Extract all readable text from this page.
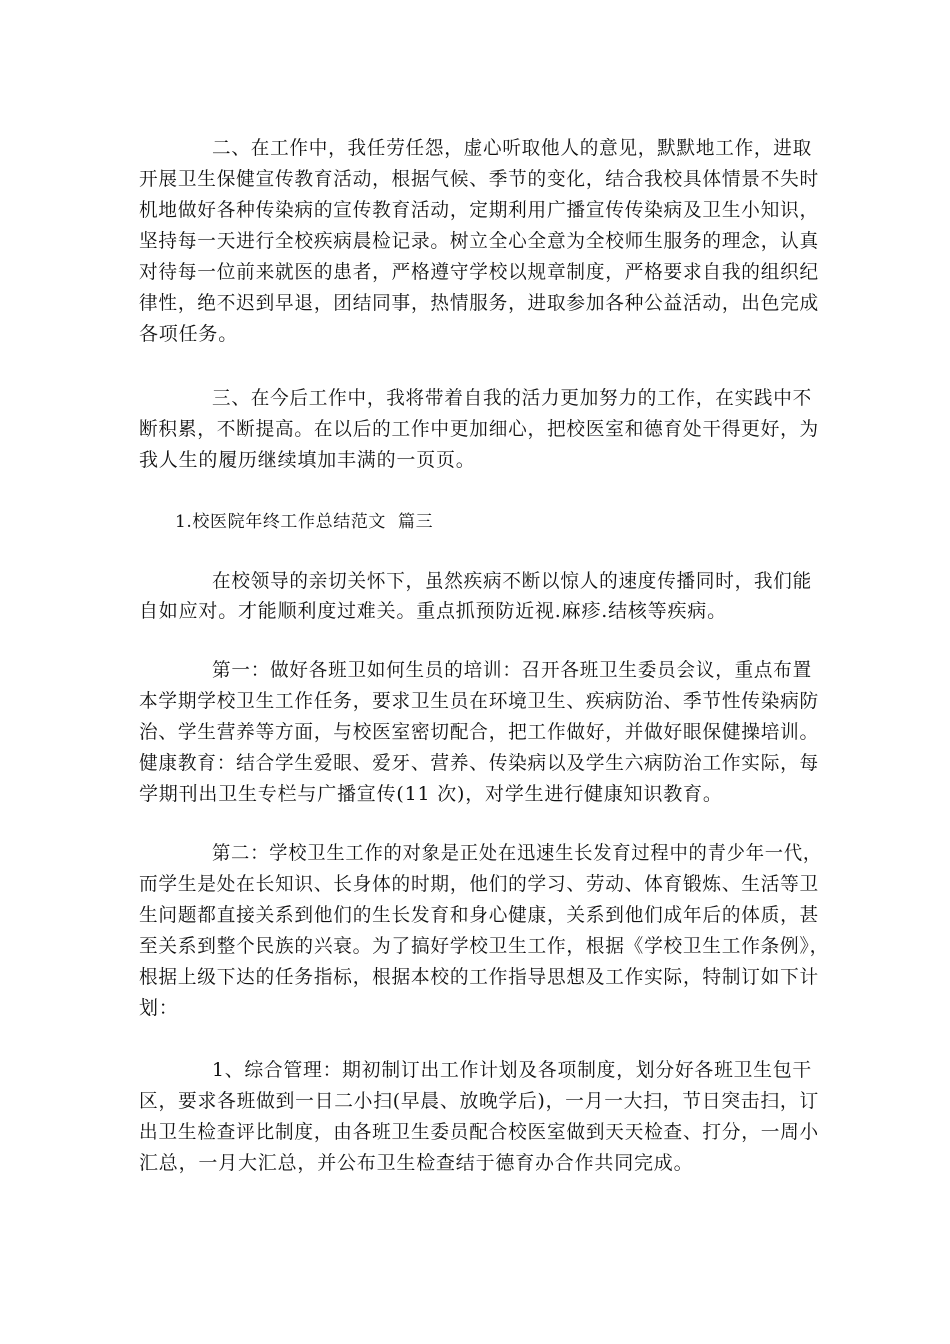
二、在工作中，我任劳任怨，虚心听取他人的意见，默默地工作，进取
开展卫生保健宣传教育活动，根据气候、季节的变化，结合我校具体情景不失时
机地做好各种传染病的宣传教育活动，定期利用广播宣传传染病及卫生小知识，
坚持每一天进行全校疾病晨检记录。树立全心全意为全校师生服务的理念，认真
对待每一位前来就医的患者，严格遵守学校以规章制度，严格要求自我的组织纪
律性，绝不迟到早退，团结同事，热情服务，进取参加各种公益活动，出色完成
各项任务。
三、在今后工作中，我将带着自我的活力更加努力的工作，在实践中不
断积累，不断提高。在以后的工作中更加细心，把校医室和德育处干得更好，为
我人生的履历继续填加丰满的一页页。
1.校医院年终工作总结范文  篇三
在校领导的亲切关怀下，虽然疾病不断以惊人的速度传播同时，我们能
自如应对。才能顺利度过难关。重点抓预防近视.麻疹.结核等疾病。
第一：做好各班卫如何生员的培训：召开各班卫生委员会议，重点布置
本学期学校卫生工作任务，要求卫生员在环境卫生、疾病防治、季节性传染病防
治、学生营养等方面，与校医室密切配合，把工作做好，并做好眼保健操培训。
健康教育：结合学生爱眼、爱牙、营养、传染病以及学生六病防治工作实际，每
学期刊出卫生专栏与广播宣传(11 次)，对学生进行健康知识教育。
第二：学校卫生工作的对象是正处在迅速生长发育过程中的青少年一代，
而学生是处在长知识、长身体的时期，他们的学习、劳动、体育锻炼、生活等卫
生问题都直接关系到他们的生长发育和身心健康，关系到他们成年后的体质，甚
至关系到整个民族的兴衰。为了搞好学校卫生工作，根据《学校卫生工作条例》，
根据上级下达的任务指标，根据本校的工作指导思想及工作实际，特制订如下计
划：
1、综合管理：期初制订出工作计划及各项制度，划分好各班卫生包干
区，要求各班做到一日二小扫(早晨、放晚学后)，一月一大扫，节日突击扫，订
出卫生检查评比制度，由各班卫生委员配合校医室做到天天检查、打分，一周小
汇总，一月大汇总，并公布卫生检查结于德育办合作共同完成。
